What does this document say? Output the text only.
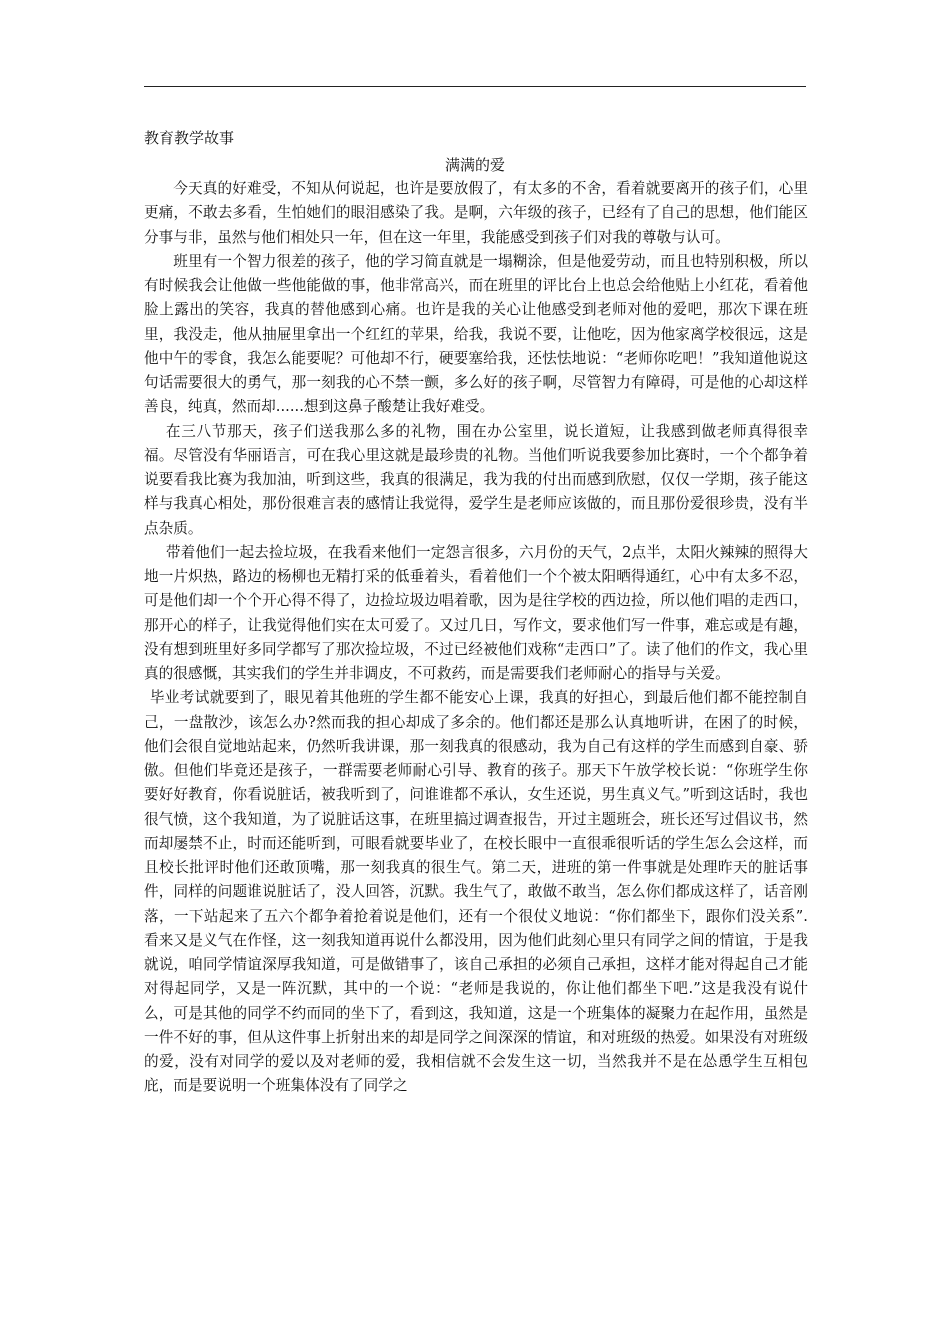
教育教学故事
满满的爱

今天真的好难受，不知从何说起，也许是要放假了，有太多的不舍，看着就要离开的孩子们，心里更痛，不敢去多看，生怕她们的眼泪感染了我。是啊，六年级的孩子，已经有了自己的思想，他们能区分事与非，虽然与他们相处只一年，但在这一年里，我能感受到孩子们对我的尊敬与认可。

班里有一个智力很差的孩子，他的学习简直就是一塌糊涂，但是他爱劳动，而且也特别积极，所以有时候我会让他做一些他能做的事，他非常高兴，而在班里的评比台上也总会给他贴上小红花，看着他脸上露出的笑容，我真的替他感到心痛。也许是我的关心让他感受到老师对他的爱吧，那次下课在班里，我没走，他从抽屉里拿出一个红红的苹果，给我，我说不要，让他吃，因为他家离学校很远，这是他中午的零食，我怎么能要呢？可他却不行，硬要塞给我，还怯怯地说：“老师你吃吧！”我知道他说这句话需要很大的勇气，那一刻我的心不禁一颤，多么好的孩子啊，尽管智力有障碍，可是他的心却这样善良，纯真，然而却......想到这鼻子酸楚让我好难受。

在三八节那天，孩子们送我那么多的礼物，围在办公室里，说长道短，让我感到做老师真得很幸福。尽管没有华丽语言，可在我心里这就是最珍贵的礼物。当他们听说我要参加比赛时，一个个都争着说要看我比赛为我加油，听到这些，我真的很满足，我为我的付出而感到欣慰，仅仅一学期，孩子能这样与我真心相处，那份很难言表的感情让我觉得，爱学生是老师应该做的，而且那份爱很珍贵，没有半点杂质。

带着他们一起去捡垃圾，在我看来他们一定怨言很多，六月份的天气，2点半，太阳火辣辣的照得大地一片炽热，路边的杨柳也无精打采的低垂着头，看着他们一个个被太阳晒得通红，心中有太多不忍，可是他们却一个个开心得不得了，边捡垃圾边唱着歌，因为是往学校的西边捡，所以他们唱的走西口，那开心的样子，让我觉得他们实在太可爱了。又过几日，写作文，要求他们写一件事，难忘或是有趣，没有想到班里好多同学都写了那次捡垃圾，不过已经被他们戏称“走西口”了。读了他们的作文，我心里真的很感慨，其实我们的学生并非调皮，不可救药，而是需要我们老师耐心的指导与关爱。

毕业考试就要到了，眼见着其他班的学生都不能安心上课，我真的好担心，到最后他们都不能控制自己，一盘散沙，该怎么办?然而我的担心却成了多余的。他们都还是那么认真地听讲，在困了的时候，他们会很自觉地站起来，仍然听我讲课，那一刻我真的很感动，我为自己有这样的学生而感到自豪、骄傲。但他们毕竟还是孩子，一群需要老师耐心引导、教育的孩子。那天下午放学校长说：“你班学生你要好好教育，你看说脏话，被我听到了，问谁谁都不承认，女生还说，男生真义气。”听到这话时，我也很气愤，这个我知道，为了说脏话这事，在班里搞过调查报告，开过主题班会，班长还写过倡议书，然而却屡禁不止，时而还能听到，可眼看就要毕业了，在校长眼中一直很乖很听话的学生怎么会这样，而且校长批评时他们还敢顶嘴，那一刻我真的很生气。第二天，进班的第一件事就是处理昨天的脏话事件，同样的问题谁说脏话了，没人回答，沉默。我生气了，敢做不敢当，怎么你们都成这样了，话音刚落，一下站起来了五六个都争着抢着说是他们，还有一个很仗义地说：“你们都坐下，跟你们没关系”.看来又是义气在作怪，这一刻我知道再说什么都没用，因为他们此刻心里只有同学之间的情谊，于是我就说，咱同学情谊深厚我知道，可是做错事了，该自己承担的必须自己承担，这样才能对得起自己才能对得起同学，又是一阵沉默，其中的一个说：“老师是我说的，你让他们都坐下吧.”这是我没有说什么，可是其他的同学不约而同的坐下了，看到这，我知道，这是一个班集体的凝聚力在起作用，虽然是一件不好的事，但从这件事上折射出来的却是同学之间深深的情谊，和对班级的热爱。如果没有对班级的爱，没有对同学的爱以及对老师的爱，我相信就不会发生这一切，当然我并不是在怂恿学生互相包庇，而是要说明一个班集体没有了同学之
